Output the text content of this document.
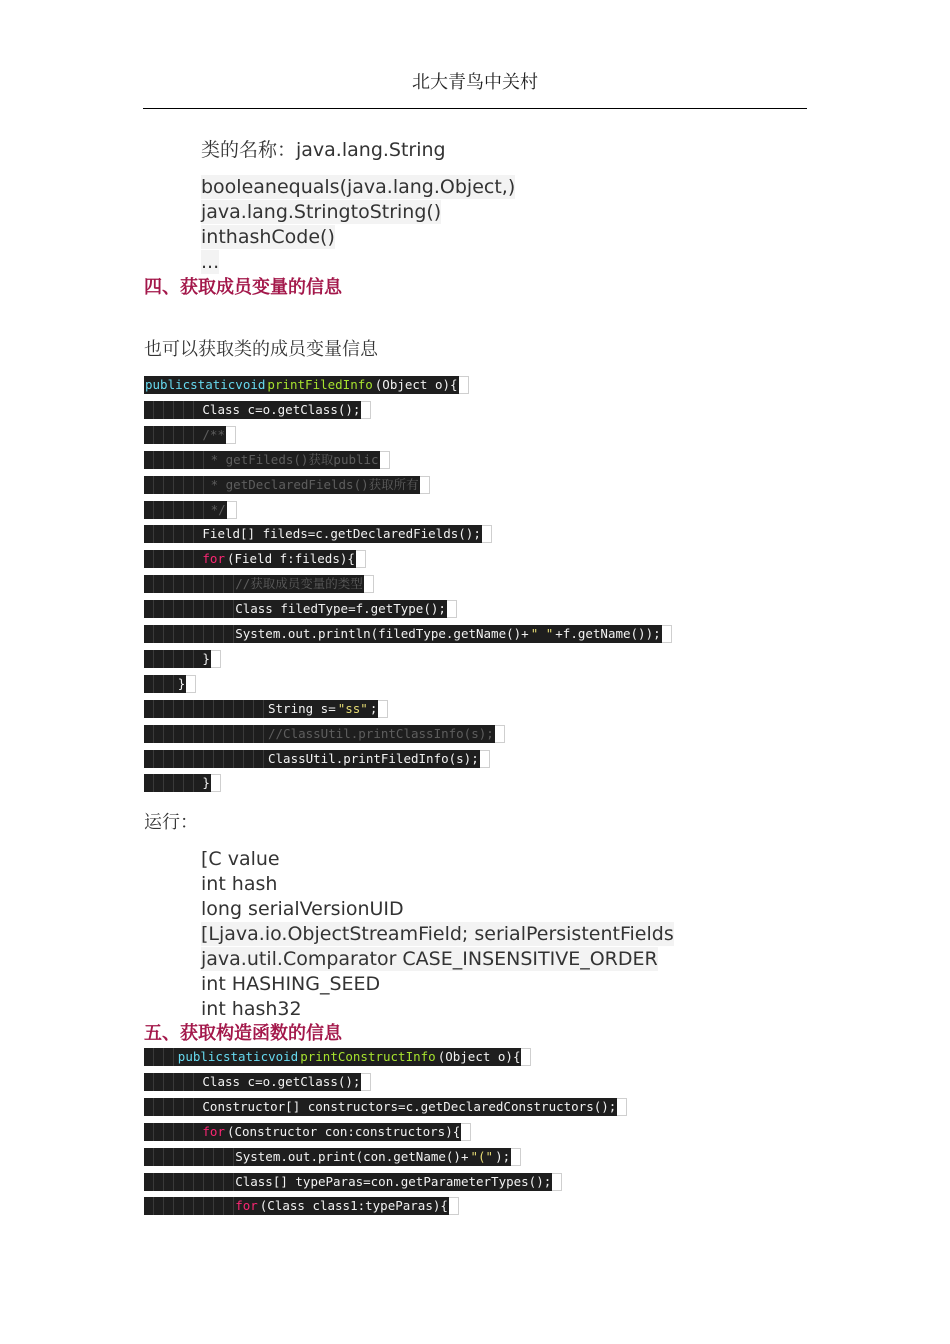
北大青鸟中关村
类的名称：java.lang.String
booleanequals(java.lang.Object,)
java.lang.StringtoString()
inthashCode()
...
四、获取成员变量的信息
也可以获取类的成员变量信息
publicstaticvoid printFiledInfo (Object o){
Class c=o.getClass();
/**
* getFileds()获取public
* getDeclaredFields()获取所有
*/
Field[] fileds=c.getDeclaredFields();
for (Field f:fileds){
//获取成员变量的类型
Class filedType=f.getType();
System.out.println(filedType.getName()+ " " +f.getName());
}
}
String s= "ss" ;
//ClassUtil.printClassInfo(s);
ClassUtil.printFiledInfo(s);
}
运行：
[C value
int hash
long serialVersionUID
[Ljava.io.ObjectStreamField; serialPersistentFields
java.util.Comparator CASE_INSENSITIVE_ORDER
int HASHING_SEED
int hash32
五、获取构造函数的信息
publicstaticvoid printConstructInfo (Object o){
Class c=o.getClass();
Constructor[] constructors=c.getDeclaredConstructors();
for (Constructor con:constructors){
System.out.print(con.getName()+ "(" );
Class[] typeParas=con.getParameterTypes();
for (Class class1:typeParas){
